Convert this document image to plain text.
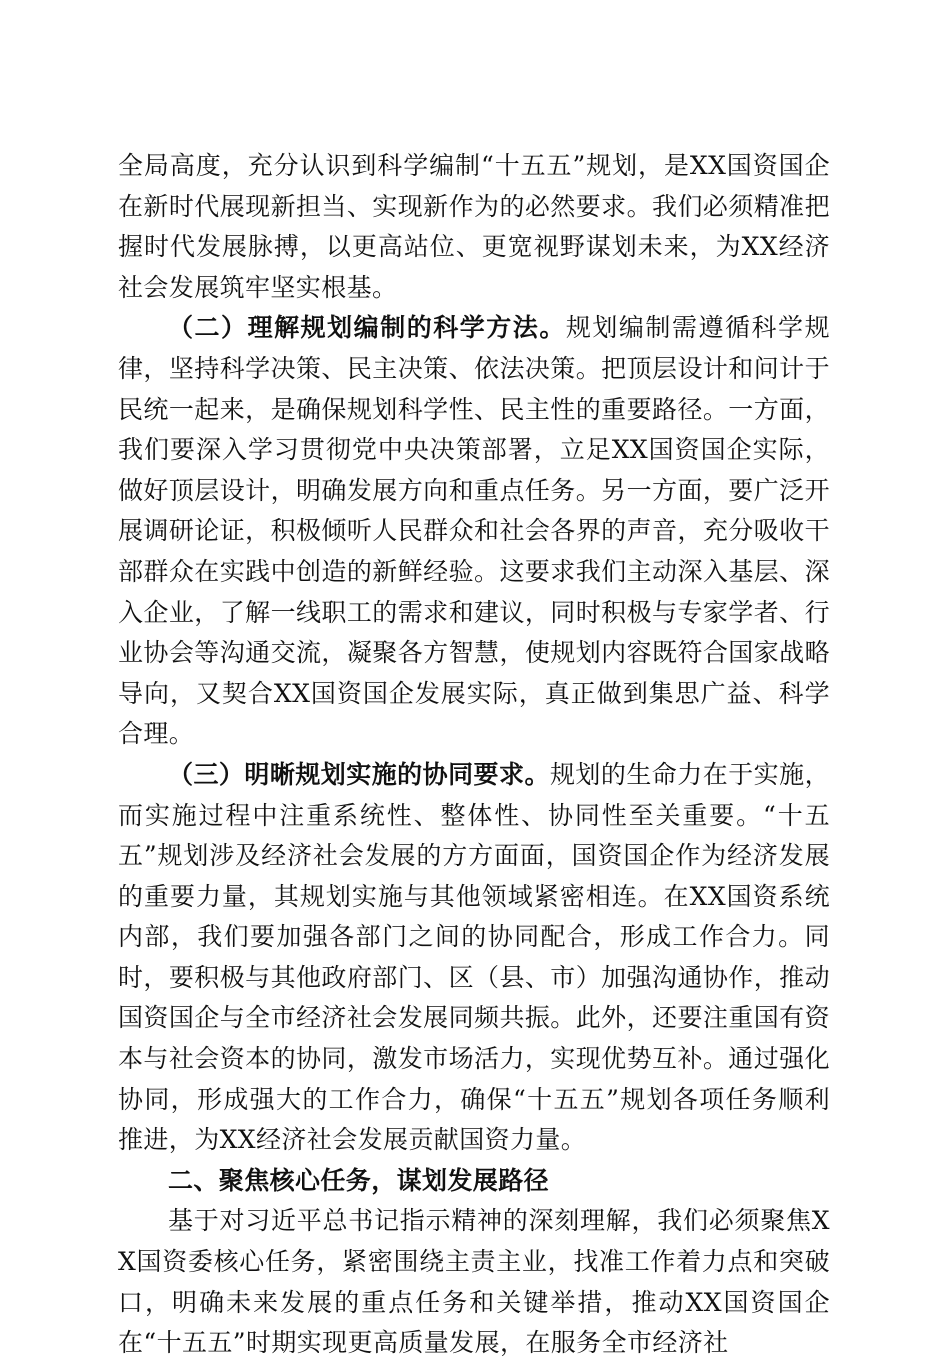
全局高度，充分认识到科学编制“十五五”规划，是XX国资国企在新时代展现新担当、实现新作为的必然要求。我们必须精准把握时代发展脉搏，以更高站位、更宽视野谋划未来，为XX经济社会发展筑牢坚实根基。

（二）理解规划编制的科学方法。规划编制需遵循科学规律，坚持科学决策、民主决策、依法决策。把顶层设计和问计于民统一起来，是确保规划科学性、民主性的重要路径。一方面，我们要深入学习贯彻党中央决策部署，立足XX国资国企实际，做好顶层设计，明确发展方向和重点任务。另一方面，要广泛开展调研论证，积极倾听人民群众和社会各界的声音，充分吸收干部群众在实践中创造的新鲜经验。这要求我们主动深入基层、深入企业，了解一线职工的需求和建议，同时积极与专家学者、行业协会等沟通交流，凝聚各方智慧，使规划内容既符合国家战略导向，又契合XX国资国企发展实际，真正做到集思广益、科学合理。

（三）明晰规划实施的协同要求。规划的生命力在于实施，而实施过程中注重系统性、整体性、协同性至关重要。“十五五”规划涉及经济社会发展的方方面面，国资国企作为经济发展的重要力量，其规划实施与其他领域紧密相连。在XX国资系统内部，我们要加强各部门之间的协同配合，形成工作合力。同时，要积极与其他政府部门、区（县、市）加强沟通协作，推动国资国企与全市经济社会发展同频共振。此外，还要注重国有资本与社会资本的协同，激发市场活力，实现优势互补。通过强化协同，形成强大的工作合力，确保“十五五”规划各项任务顺利推进，为XX经济社会发展贡献国资力量。

二、聚焦核心任务，谋划发展路径

基于对习近平总书记指示精神的深刻理解，我们必须聚焦XX国资委核心任务，紧密围绕主责主业，找准工作着力点和突破口，明确未来发展的重点任务和关键举措，推动XX国资国企在“十五五”时期实现更高质量发展，在服务全市经济社
